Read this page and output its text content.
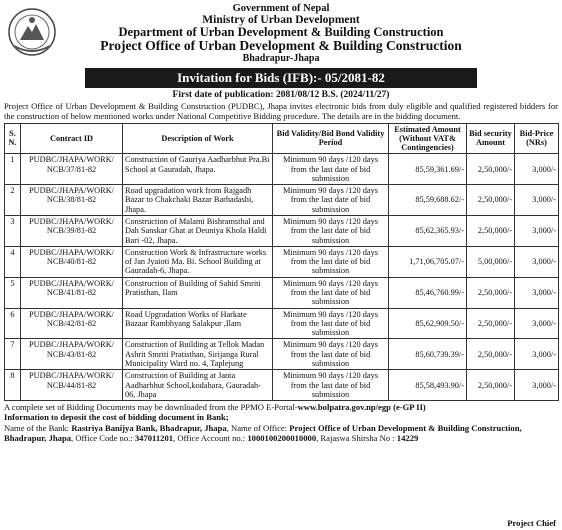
Government of Nepal
Ministry of Urban Development
Department of Urban Development & Building Construction
Project Office of Urban Development & Building Construction
Bhadrapur-Jhapa
Invitation for Bids (IFB):- 05/2081-82
First date of publication: 2081/08/12 B.S. (2024/11/27)
Project Office of Urban Development & Building Construction (PUDBC), Jhapa invites electronic bids from duly eligible and qualified registered bidders for the construction of below mentioned works under National Competitive Bidding procedure. The details are in the bidding document.
S. N.	Contract ID	Description of Work	Bid Validity/Bid Bond Validity Period	Estimated Amount (Without VAT& Contingencies)	Bid security Amount	Bid-Price (NRs)
1	PUDBC/JHAPA/WORK/ NCB/37/81-82	Construction of Gauriya Aadharbhut Pra.Bi School at Gauradah, Jhapa.	Minimum 90 days /120 days from the last date of bid submission	85,59,361.69/-	2,50,000/-	3,000/-
2	PUDBC/JHAPA/WORK/ NCB/38/81-82	Road upgradation work from Rajgadh Bazar to Chakchaki Bazar Barhadashi, Jhapa.	Minimum 90 days /120 days from the last date of bid submission	85,59,688.62/-	2,50,000/-	3,000/-
3	PUDBC/JHAPA/WORK/ NCB/39/81-82	Construction of Malami Bishramsthal and Dah Sanskar Ghat at Deuniya Khola Haldi Bari -02, Jhapa.	Minimum 90 days /120 days from the last date of bid submission	85,62,365.93/-	2,50,000/-	3,000/-
4	PUDBC/JHAPA/WORK/ NCB/40/81-82	Construction Work & Infrastructure works of Jan Jyaioti Ma. Bi. School Building at Gauradah-6, Jhapa.	Minimum 90 days /120 days from the last date of bid submission	1,71,06,705.07/-	5,00,000/-	3,000/-
5	PUDBC/JHAPA/WORK/ NCB/41/81-82	Construction of Building of Sahid Smriti Pratisthan, Ilam	Minimum 90 days /120 days from the last date of bid submission	85,46,760.99/-	2,50,000/-	3,000/-
6	PUDBC/JHAPA/WORK/ NCB/42/81-82	Road Upgradation Works of Harkate Bazaar Rambhyang Salakpur ,Ilam	Minimum 90 days /120 days from the last date of bid submission	85,62,909.50/-	2,50,000/-	3,000/-
7	PUDBC/JHAPA/WORK/ NCB/43/81-82	Construction of Building at Tellok Madan Ashrit Smriti Pratisthan, Sirijanga Rural Municipality Ward no. 4, Taplejung	Minimum 90 days /120 days from the last date of bid submission	85,60,739.39/-	2,50,000/-	3,000/-
8	PUDBC/JHAPA/WORK/ NCB/44/81-82	Construction of Building at Janta Aadharbhut School,kodabara, Gauradah-06, Jhapa	Minimum 90 days /120 days from the last date of bid submission	85,58,493.90/-	2,50,000/-	3,000/-
A complete set of Bidding Documents may be downloaded from the PPMO E-Portal-www.bolpatra.gov.np/egp (e-GP II)
Information to deposit the cost of bidding document in Bank;
Name of the Bank: Rastriya Banijya Bank, Bhadrapur, Jhapa, Name of Office: Project Office of Urban Development & Building Construction, Bhadrapur, Jhapa, Office Code no.: 347011201, Office Account no.: 1000100200010000, Rajaswa Shirsha No : 14229
Project Chief
